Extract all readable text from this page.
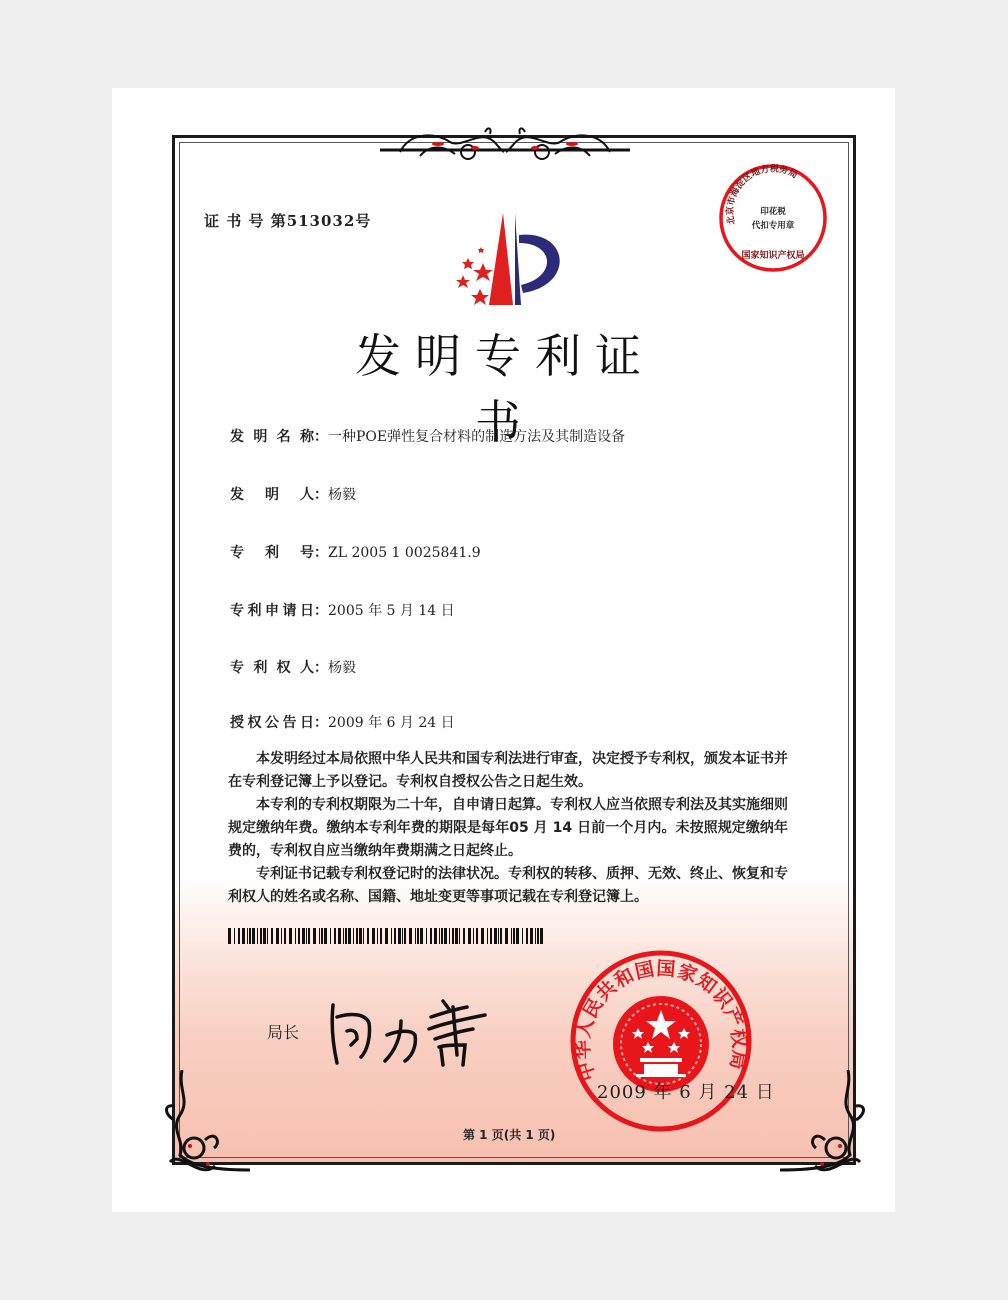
证 书 号 第513032号	北京市海淀区地方税务局
印花税
代扣专用章
国家知识产权局
发明专利证书
发明名称：一种POE弹性复合材料的制造方法及其制造设备
发明人：杨毅
专利号：ZL 2005 1 0025841.9
专利申请日：2005 年 5 月 14 日
专利权人：杨毅
授权公告日：2009 年 6 月 24 日

本发明经过本局依照中华人民共和国专利法进行审查，决定授予专利权，颁发本证书并在专利登记簿上予以登记。专利权自授权公告之日起生效。

本专利的专利权期限为二十年，自申请日起算。专利权人应当依照专利法及其实施细则规定缴纳年费。缴纳本专利年费的期限是每年05 月 14 日前一个月内。未按照规定缴纳年费的，专利权自应当缴纳年费期满之日起终止。

专利证书记载专利权登记时的法律状况。专利权的转移、质押、无效、终止、恢复和专利权人的姓名或名称、国籍、地址变更等事项记载在专利登记簿上。

局长
中华人民共和国国家知识产权局
2009 年 6 月 24 日
第 1 页(共 1 页)
